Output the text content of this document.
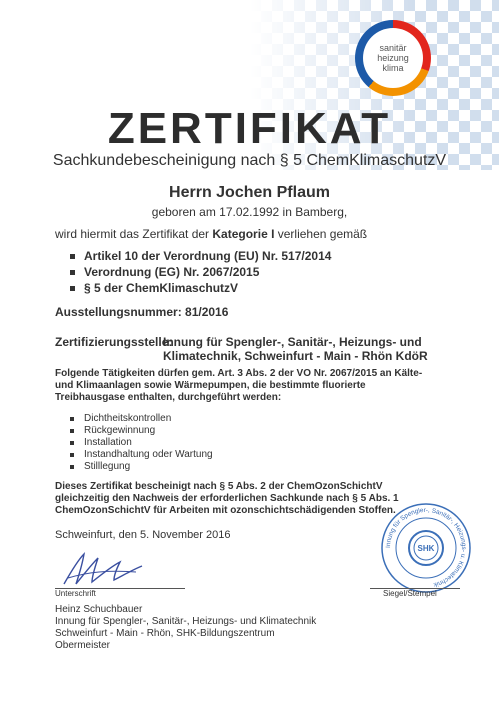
sanitär
heizung
klima
ZERTIFIKAT
Sachkundebescheinigung nach § 5 ChemKlimaschutzV
Herrn Jochen Pflaum
geboren am 17.02.1992 in Bamberg,
wird hiermit das Zertifikat der Kategorie I verliehen gemäß
Artikel 10 der Verordnung (EU) Nr. 517/2014
Verordnung (EG) Nr. 2067/2015
§ 5 der ChemKlimaschutzV
Ausstellungsnummer: 81/2016
Zertifizierungsstelle:
Innung für Spengler-, Sanitär-, Heizungs- und Klimatechnik, Schweinfurt - Main - Rhön KdöR
Folgende Tätigkeiten dürfen gem. Art. 3 Abs. 2 der VO Nr. 2067/2015 an Kälte- und Klimaanlagen sowie Wärmepumpen, die bestimmte fluorierte Treibhausgase enthalten, durchgeführt werden:
Dichtheitskontrollen
Rückgewinnung
Installation
Instandhaltung oder Wartung
Stilllegung
Dieses Zertifikat bescheinigt nach § 5 Abs. 2 der ChemOzonSchichtV gleichzeitig den Nachweis der erforderlichen Sachkunde nach § 5 Abs. 1 ChemOzonSchichtV für Arbeiten mit ozonschichtschädigenden Stoffen.
Schweinfurt, den 5. November 2016
Innung für Spengler-, Sanitär-, Heizungs- u. Klimatechnik
SHK
Unterschrift	Siegel/Stempel
Heinz Schuchbauer
Innung für Spengler-, Sanitär-, Heizungs- und Klimatechnik
Schweinfurt - Main - Rhön, SHK-Bildungszentrum
Obermeister
